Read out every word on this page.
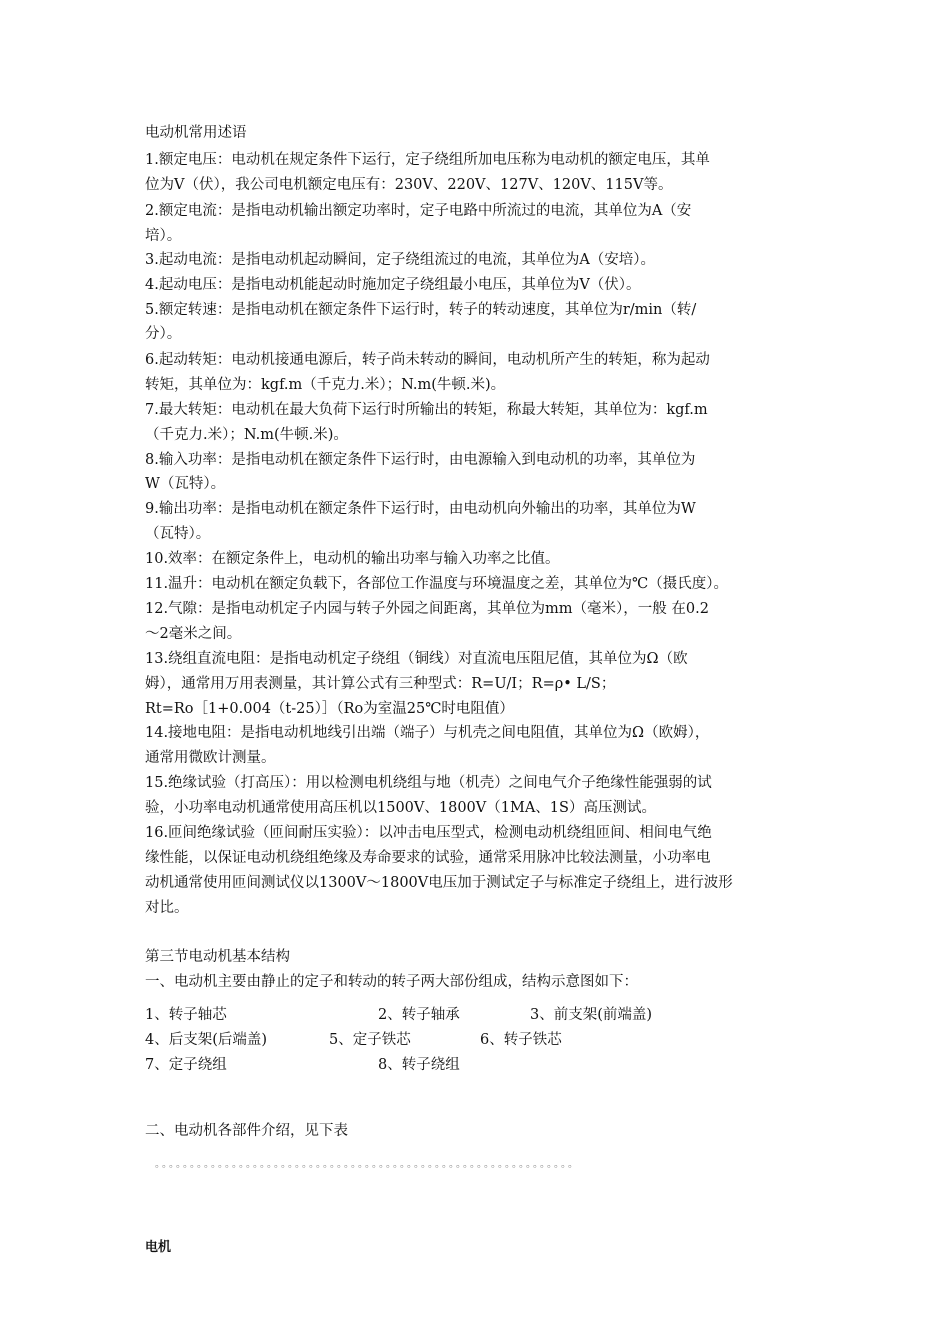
电动机常用述语
1.额定电压：电动机在规定条件下运行，定子绕组所加电压称为电动机的额定电压，其单
位为V（伏），我公司电机额定电压有：230V、220V、127V、120V、115V等。
2.额定电流：是指电动机输出额定功率时，定子电路中所流过的电流，其单位为A（安
培）。
3.起动电流：是指电动机起动瞬间，定子绕组流过的电流，其单位为A（安培）。
4.起动电压：是指电动机能起动时施加定子绕组最小电压，其单位为V（伏）。
5.额定转速：是指电动机在额定条件下运行时，转子的转动速度，其单位为r/min（转/
分）。
6.起动转矩：电动机接通电源后，转子尚未转动的瞬间，电动机所产生的转矩，称为起动
转矩，其单位为：kgf.m（千克力.米）；N.m(牛顿.米)。
7.最大转矩：电动机在最大负荷下运行时所输出的转矩，称最大转矩，其单位为：kgf.m
（千克力.米）；N.m(牛顿.米)。
8.输入功率：是指电动机在额定条件下运行时，由电源输入到电动机的功率，其单位为
W（瓦特）。
9.输出功率：是指电动机在额定条件下运行时，由电动机向外输出的功率，其单位为W
（瓦特）。
10.效率：在额定条件上，电动机的输出功率与输入功率之比值。
11.温升：电动机在额定负载下，各部位工作温度与环境温度之差，其单位为℃（摄氏度）。
12.气隙：是指电动机定子内园与转子外园之间距离，其单位为mm（毫米），一般 在0.2
～2毫米之间。
13.绕组直流电阻：是指电动机定子绕组（铜线）对直流电压阻尼值，其单位为Ω（欧
姆），通常用万用表测量，其计算公式有三种型式：R=U/I；R=ρ• L/S；
Rt=Ro［1+0.004（t-25）］（Ro为室温25℃时电阻值）
14.接地电阻：是指电动机地线引出端（端子）与机壳之间电阻值，其单位为Ω（欧姆），
通常用微欧计测量。
15.绝缘试验（打高压）：用以检测电机绕组与地（机壳）之间电气介子绝缘性能强弱的试
验，小功率电动机通常使用高压机以1500V、1800V（1MA、1S）高压测试。
16.匝间绝缘试验（匝间耐压实验）：以冲击电压型式，检测电动机绕组匝间、相间电气绝
缘性能，以保证电动机绕组绝缘及寿命要求的试验，通常采用脉冲比较法测量，小功率电
动机通常使用匝间测试仪以1300V～1800V电压加于测试定子与标准定子绕组上，进行波形
对比。
第三节电动机基本结构
一、电动机主要由静止的定子和转动的转子两大部份组成，结构示意图如下：
1、转子轴芯	2、转子轴承	3、前支架(前端盖)
4、后支架(后端盖)	5、定子铁芯	6、转子铁芯
7、定子绕组	8、转子绕组
二、电动机各部件介绍，见下表
。。。。。。。。。。。。。。。。。。。。。。。。。。。。。。。。。。。。。。。。。。。。。。。。。。。。。。。。。。。。
电机
